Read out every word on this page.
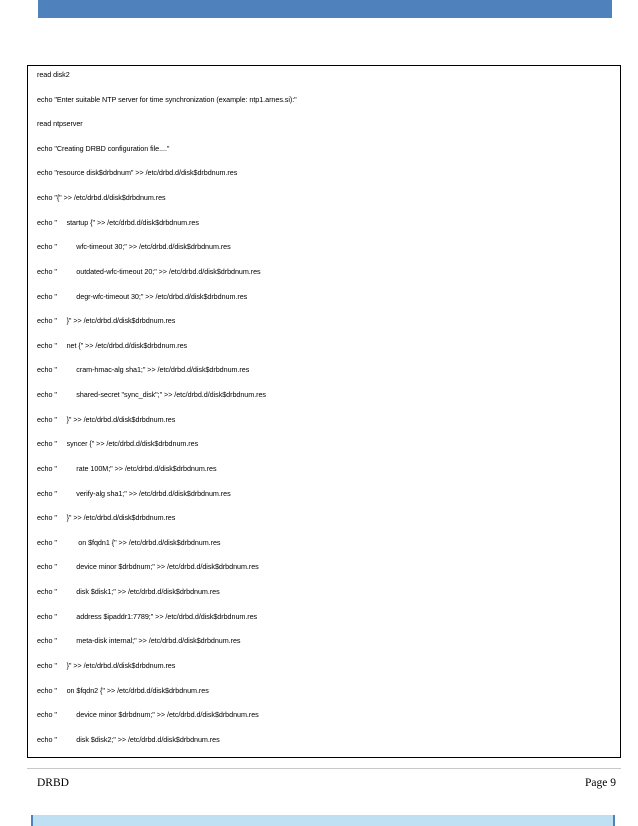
read disk2
echo "Enter suitable NTP server for time synchronization (example: ntp1.arnes.si):"
read ntpserver
echo "Creating DRBD configuration file...."
echo "resource disk$drbdnum" >> /etc/drbd.d/disk$drbdnum.res
echo "{" >> /etc/drbd.d/disk$drbdnum.res
echo "     startup {" >> /etc/drbd.d/disk$drbdnum.res
echo "          wfc-timeout 30;" >> /etc/drbd.d/disk$drbdnum.res
echo "          outdated-wfc-timeout 20;" >> /etc/drbd.d/disk$drbdnum.res
echo "          degr-wfc-timeout 30;" >> /etc/drbd.d/disk$drbdnum.res
echo "     }" >> /etc/drbd.d/disk$drbdnum.res
echo "     net {" >> /etc/drbd.d/disk$drbdnum.res
echo "          cram-hmac-alg sha1;" >> /etc/drbd.d/disk$drbdnum.res
echo "          shared-secret "sync_disk";" >> /etc/drbd.d/disk$drbdnum.res
echo "     }" >> /etc/drbd.d/disk$drbdnum.res
echo "     syncer {" >> /etc/drbd.d/disk$drbdnum.res
echo "          rate 100M;" >> /etc/drbd.d/disk$drbdnum.res
echo "          verify-alg sha1;" >> /etc/drbd.d/disk$drbdnum.res
echo "     }" >> /etc/drbd.d/disk$drbdnum.res
echo "           on $fqdn1 {" >> /etc/drbd.d/disk$drbdnum.res
echo "          device minor $drbdnum;" >> /etc/drbd.d/disk$drbdnum.res
echo "          disk $disk1;" >> /etc/drbd.d/disk$drbdnum.res
echo "          address $ipaddr1:7789;" >> /etc/drbd.d/disk$drbdnum.res
echo "          meta-disk internal;" >> /etc/drbd.d/disk$drbdnum.res
echo "     }" >> /etc/drbd.d/disk$drbdnum.res
echo "     on $fqdn2 {" >> /etc/drbd.d/disk$drbdnum.res
echo "          device minor $drbdnum;" >> /etc/drbd.d/disk$drbdnum.res
echo "          disk $disk2;" >> /etc/drbd.d/disk$drbdnum.res
DRBD	Page 9
